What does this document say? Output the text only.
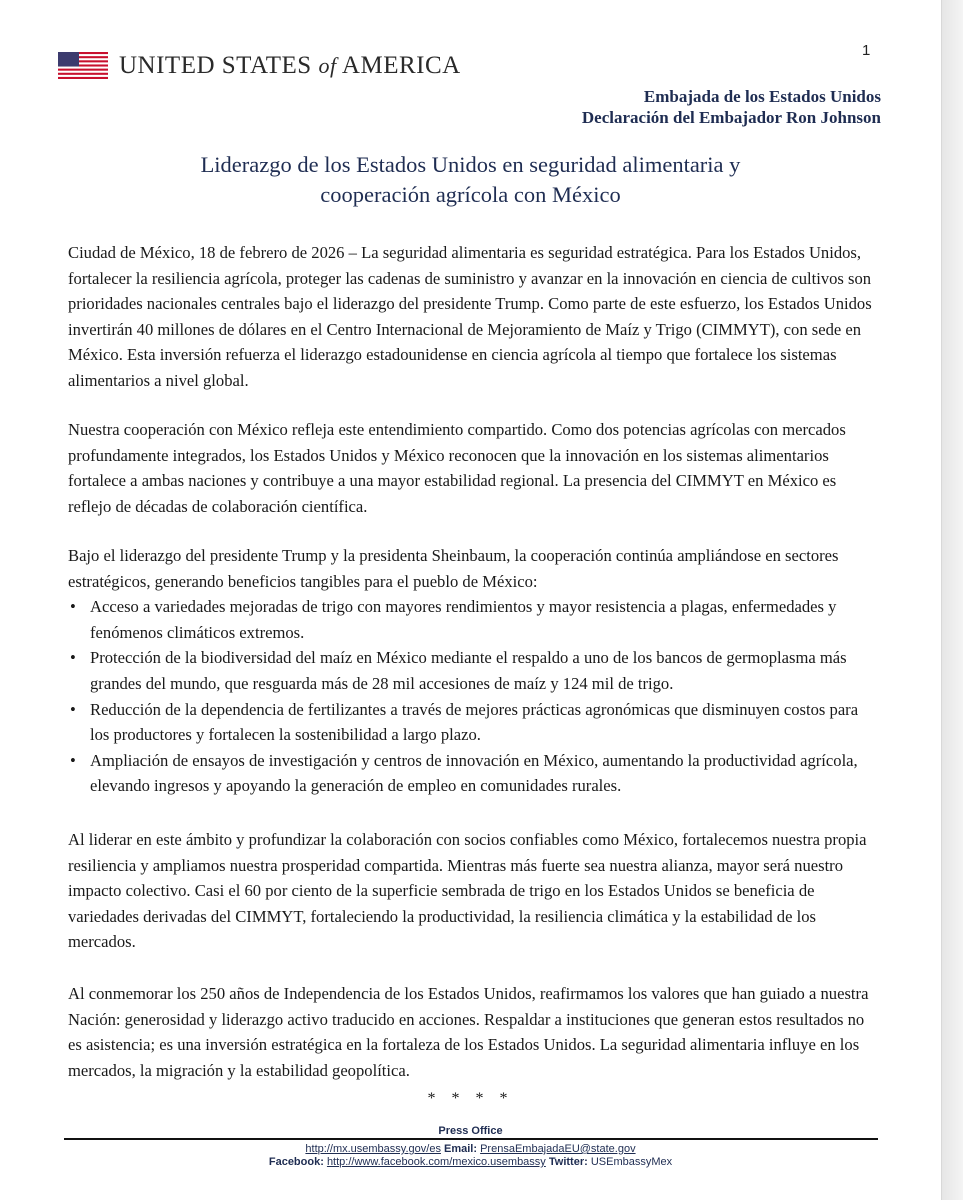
UNITED STATES of AMERICA
1
Embajada de los Estados Unidos
Declaración del Embajador Ron Johnson
Liderazgo de los Estados Unidos en seguridad alimentaria y
cooperación agrícola con México

Ciudad de México, 18 de febrero de 2026 – La seguridad alimentaria es seguridad estratégica. Para los Estados Unidos, fortalecer la resiliencia agrícola, proteger las cadenas de suministro y avanzar en la innovación en ciencia de cultivos son prioridades nacionales centrales bajo el liderazgo del presidente Trump. Como parte de este esfuerzo, los Estados Unidos invertirán 40 millones de dólares en el Centro Internacional de Mejoramiento de Maíz y Trigo (CIMMYT), con sede en México. Esta inversión refuerza el liderazgo estadounidense en ciencia agrícola al tiempo que fortalece los sistemas alimentarios a nivel global.

Nuestra cooperación con México refleja este entendimiento compartido. Como dos potencias agrícolas con mercados profundamente integrados, los Estados Unidos y México reconocen que la innovación en los sistemas alimentarios fortalece a ambas naciones y contribuye a una mayor estabilidad regional. La presencia del CIMMYT en México es reflejo de décadas de colaboración científica.

Bajo el liderazgo del presidente Trump y la presidenta Sheinbaum, la cooperación continúa ampliándose en sectores estratégicos, generando beneficios tangibles para el pueblo de México:

• Acceso a variedades mejoradas de trigo con mayores rendimientos y mayor resistencia a plagas, enfermedades y fenómenos climáticos extremos.
• Protección de la biodiversidad del maíz en México mediante el respaldo a uno de los bancos de germoplasma más grandes del mundo, que resguarda más de 28 mil accesiones de maíz y 124 mil de trigo.
• Reducción de la dependencia de fertilizantes a través de mejores prácticas agronómicas que disminuyen costos para los productores y fortalecen la sostenibilidad a largo plazo.
• Ampliación de ensayos de investigación y centros de innovación en México, aumentando la productividad agrícola, elevando ingresos y apoyando la generación de empleo en comunidades rurales.

Al liderar en este ámbito y profundizar la colaboración con socios confiables como México, fortalecemos nuestra propia resiliencia y ampliamos nuestra prosperidad compartida. Mientras más fuerte sea nuestra alianza, mayor será nuestro impacto colectivo. Casi el 60 por ciento de la superficie sembrada de trigo en los Estados Unidos se beneficia de variedades derivadas del CIMMYT, fortaleciendo la productividad, la resiliencia climática y la estabilidad de los mercados.

Al conmemorar los 250 años de Independencia de los Estados Unidos, reafirmamos los valores que han guiado a nuestra Nación: generosidad y liderazgo activo traducido en acciones. Respaldar a instituciones que generan estos resultados no es asistencia; es una inversión estratégica en la fortaleza de los Estados Unidos. La seguridad alimentaria influye en los mercados, la migración y la estabilidad geopolítica.

* * * *
Press Office
http://mx.usembassy.gov/es Email: PrensaEmbajadaEU@state.gov
Facebook: http://www.facebook.com/mexico.usembassy Twitter: USEmbassyMex
